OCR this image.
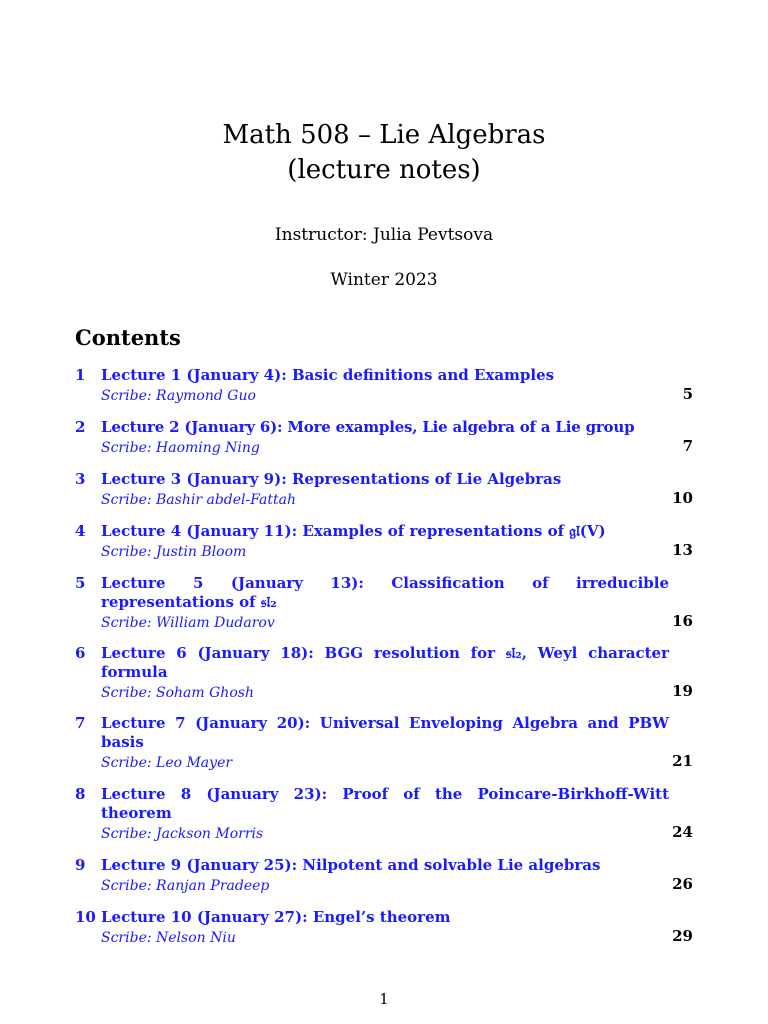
Math 508 – Lie Algebras
(lecture notes)
Instructor: Julia Pevtsova
Winter 2023
Contents
1 Lecture 1 (January 4): Basic definitions and Examples
Scribe: Raymond Guo	5
2 Lecture 2 (January 6): More examples, Lie algebra of a Lie group
Scribe: Haoming Ning	7
3 Lecture 3 (January 9): Representations of Lie Algebras
Scribe: Bashir abdel-Fattah	10
4 Lecture 4 (January 11): Examples of representations of 𝔤𝔩(V)
Scribe: Justin Bloom	13
5 Lecture 5 (January 13): Classification of irreducible representations of 𝔰𝔩₂
Scribe: William Dudarov	16
6 Lecture 6 (January 18): BGG resolution for 𝔰𝔩₂, Weyl character formula
Scribe: Soham Ghosh	19
7 Lecture 7 (January 20): Universal Enveloping Algebra and PBW basis
Scribe: Leo Mayer	21
8 Lecture 8 (January 23): Proof of the Poincare-Birkhoff-Witt theorem
Scribe: Jackson Morris	24
9 Lecture 9 (January 25): Nilpotent and solvable Lie algebras
Scribe: Ranjan Pradeep	26
10 Lecture 10 (January 27): Engel’s theorem
Scribe: Nelson Niu	29
1
